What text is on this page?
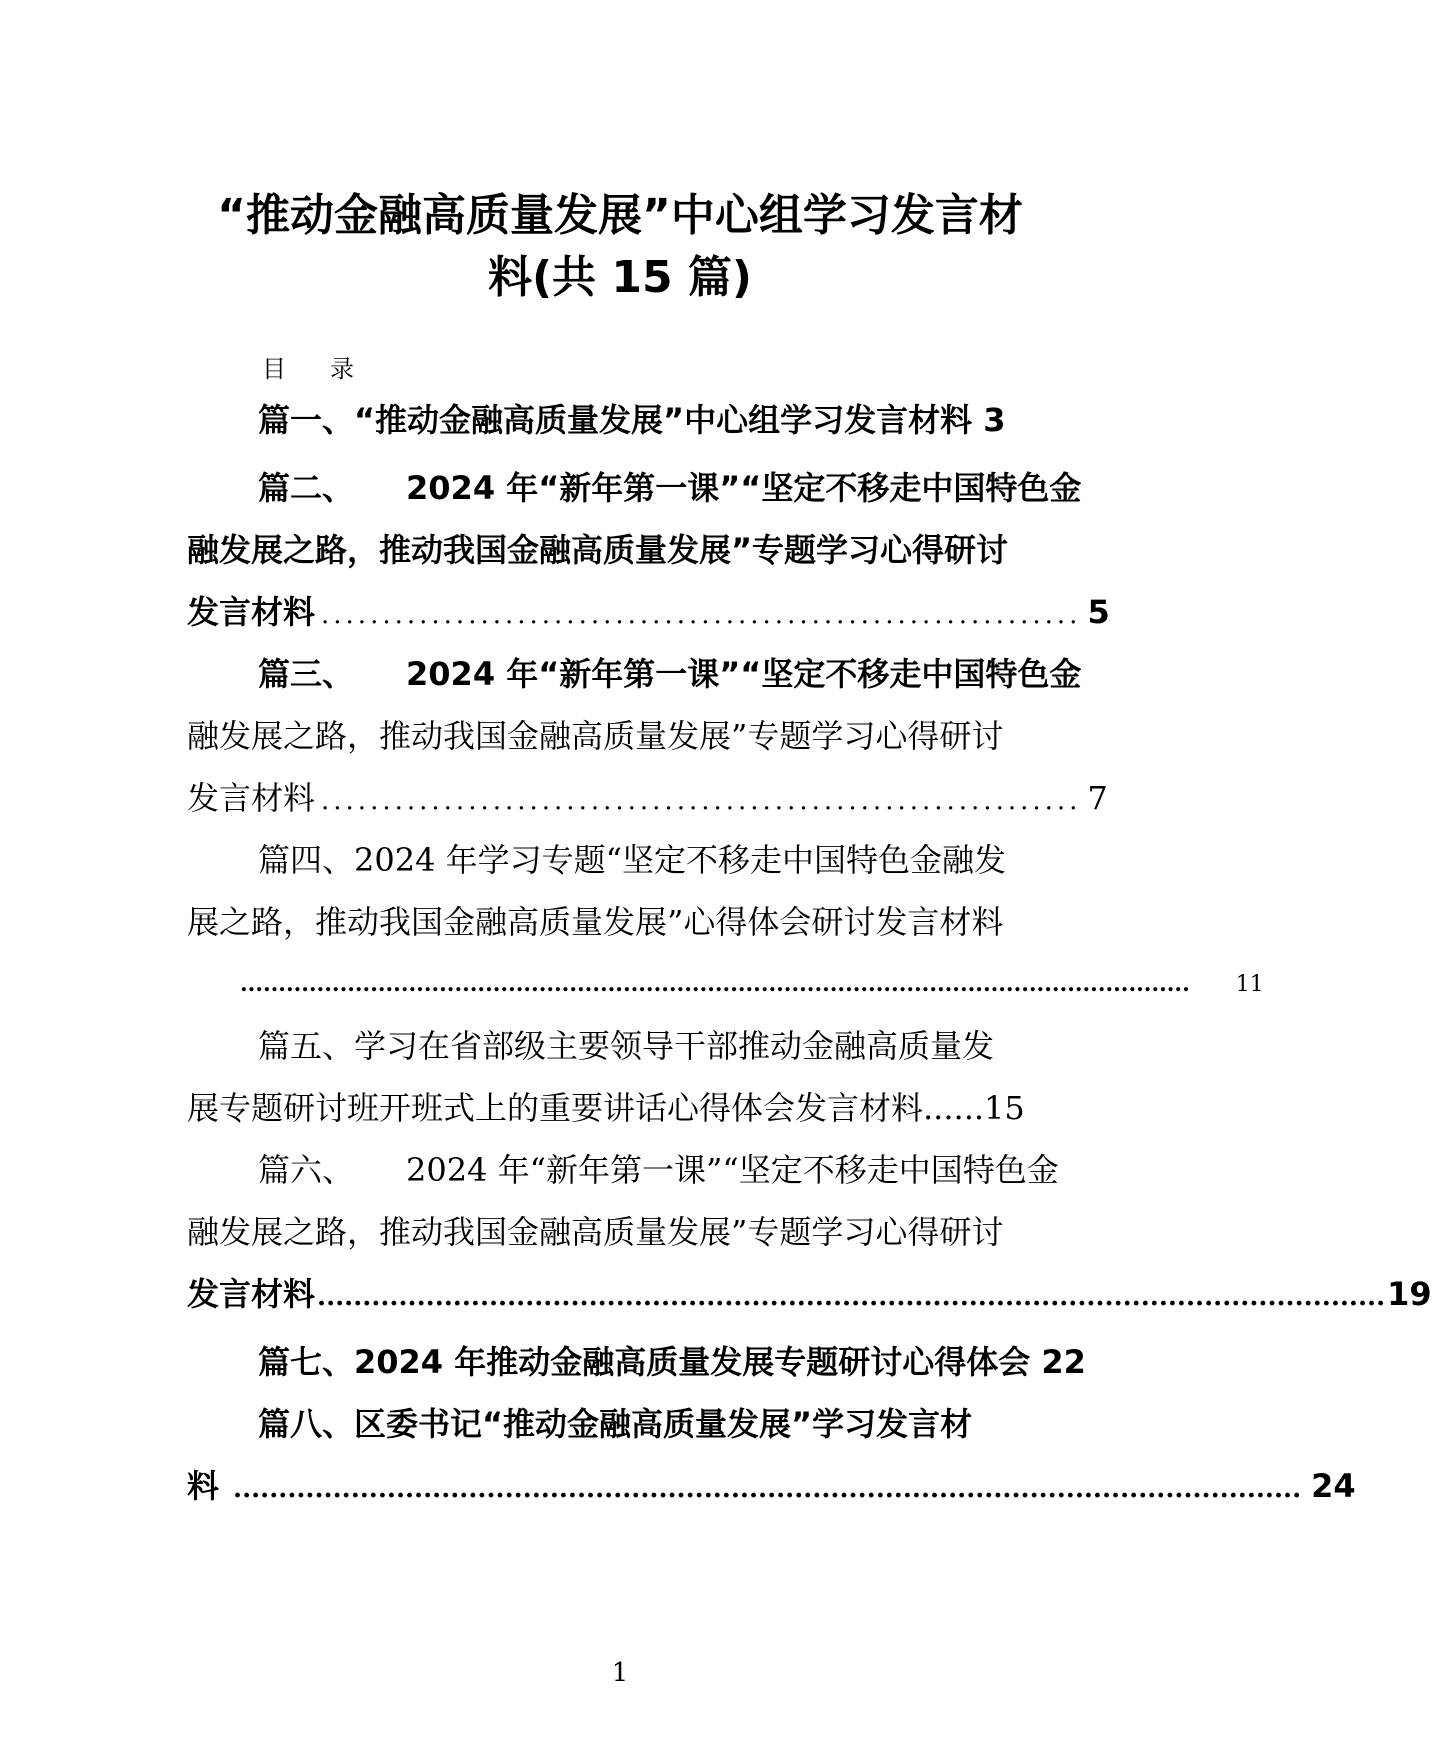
“推动金融高质量发展”中心组学习发言材
料(共 15 篇)
目 录
篇一、“推动金融高质量发展”中心组学习发言材料 3
篇二、 2024 年“新年第一课”“坚定不移走中国特色金
融发展之路，推动我国金融高质量发展”专题学习心得研讨
发言材料 .............................................................. 5
篇三、 2024 年“新年第一课”“坚定不移走中国特色金
融发展之路，推动我国金融高质量发展”专题学习心得研讨
发言材料 .............................................................. 7
篇四、2024 年学习专题“坚定不移走中国特色金融发
展之路，推动我国金融高质量发展”心得体会研讨发言材料
............................................................................................................................ 11
篇五、学习在省部级主要领导干部推动金融高质量发
展专题研讨班开班式上的重要讲话心得体会发言材料......15
篇六、 2024 年“新年第一课”“坚定不移走中国特色金
融发展之路，推动我国金融高质量发展”专题学习心得研讨
发言材料 ...................................................................................................................... 19
篇七、2024 年推动金融高质量发展专题研讨心得体会 22
篇八、区委书记“推动金融高质量发展”学习发言材
料 ...................................................................................................................... 24
1
